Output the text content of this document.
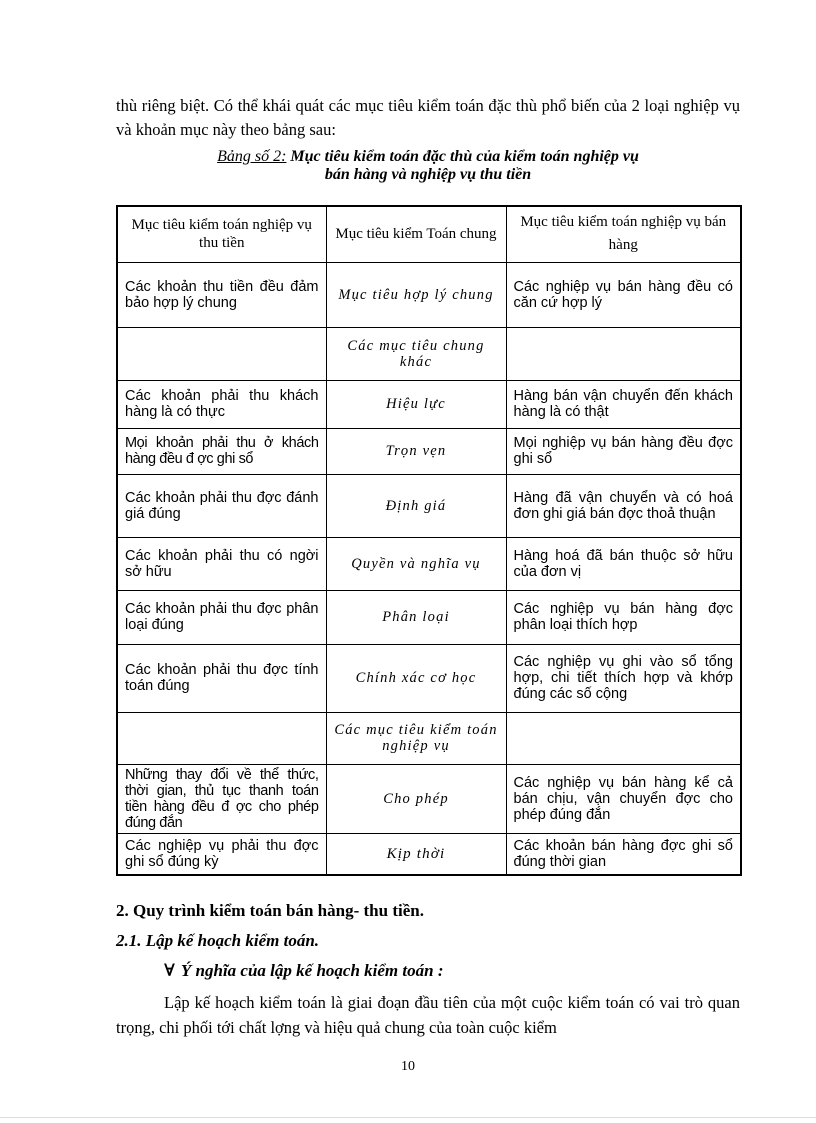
thù riêng biệt. Có thể khái quát các mục tiêu kiểm toán đặc thù phổ biến của 2 loại nghiệp vụ và khoản mục này theo bảng sau:

Bảng số 2: Mục tiêu kiểm toán đặc thù của kiểm toán nghiệp vụ
bán hàng và nghiệp vụ thu tiền
Mục tiêu kiểm toán nghiệp vụ thu tiền	Mục tiêu kiểm Toán chung	Mục tiêu kiểm toán nghiệp vụ bán hàng
Các khoản thu tiền đều đảm bảo hợp lý chung	Mục tiêu hợp lý chung	Các nghiệp vụ bán hàng đều có căn cứ hợp lý
	Các mục tiêu chung khác	
Các khoản phải thu khách hàng là có thực	Hiệu lực	Hàng bán vận chuyển đến khách hàng là có thật
Mọi khoản phải thu ở khách hàng đều đ ợc ghi sổ	Trọn vẹn	Mọi nghiệp vụ bán hàng đều đợc ghi sổ
Các khoản phải thu đợc đánh giá đúng	Định giá	Hàng đã vận chuyển và có hoá đơn ghi giá bán đợc thoả thuận
Các khoản phải thu có ngời sở hữu	Quyền và nghĩa vụ	Hàng hoá đã bán thuộc sở hữu của đơn vị
Các khoản phải thu đợc phân loại đúng	Phân loại	Các nghiệp vụ bán hàng đợc phân loại thích hợp
Các khoản phải thu đợc tính toán đúng	Chính xác cơ học	Các nghiệp vụ ghi vào sổ tổng hợp, chi tiết thích hợp và khớp đúng các số cộng
	Các mục tiêu kiểm toán nghiệp vụ	
Những thay đổi về thể thức, thời gian, thủ tục thanh toán tiền hàng đều đ ợc cho phép đúng đắn	Cho phép	Các nghiệp vụ bán hàng kể cả bán chịu, vận chuyển đợc cho phép đúng đắn
Các nghiệp vụ phải thu đợc ghi sổ đúng kỳ	Kịp thời	Các khoản bán hàng đợc ghi sổ đúng thời gian
2. Quy trình kiểm toán bán hàng- thu tiền.
2.1. Lập kế hoạch kiểm toán.
∀ Ý nghĩa của lập kế hoạch kiểm toán :

Lập kế hoạch kiểm toán là giai đoạn đầu tiên của một cuộc kiểm toán có vai trò quan trọng, chi phối tới chất lợng và hiệu quả chung của toàn cuộc kiểm

10
